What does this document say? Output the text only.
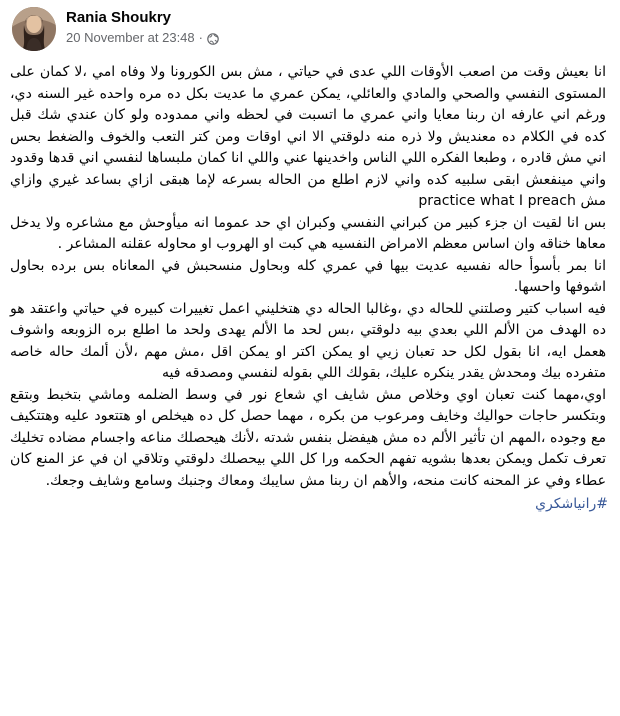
Rania Shoukry
20 November at 23:48 ·

انا بعيش وقت من اصعب الأوقات اللي عدى في حياتي ، مش بس الكورونا ولا وفاه امي ،لا كمان على المستوى النفسي والصحي والمادي والعائلي، يمكن عمري ما عديت بكل ده مره واحده غير السنه دي، ورغم اني عارفه ان ربنا معايا واني عمري ما اتسبت في لحظه واني ممدوده ولو كان عندي شك قبل كده في الكلام ده معنديش ولا ذره منه دلوقتي الا اني اوقات ومن كتر التعب والخوف والضغط بحس اني مش قادره ، وطبعا الفكره اللي الناس واخدينها عني واللي انا كمان ملبساها لنفسي اني قدها وقدود واني مينفعش ابقى سلبيه كده واني لازم اطلع من الحاله بسرعه لإما هبقى ازاي بساعد غيري وازاي مش practice what I preach

بس انا لقيت ان جزء كبير من كبراني النفسي وكبران اي حد عموما انه ميأوحش مع مشاعره ولا يدخل معاها خناقه وان اساس معظم الامراض النفسيه هي كبت او الهروب او محاوله عقلنه المشاعر .

انا بمر بأسوأ حاله نفسيه عديت بيها في عمري كله وبحاول منسحبش في المعاناه بس برده بحاول اشوفها واحسها.

فيه اسباب كتير وصلتني للحاله دي ،وغالبا الحاله دي هتخليني اعمل تغييرات كبيره في حياتي واعتقد هو ده الهدف من الألم اللي بعدي بيه دلوقتي ،بس لحد ما الألم يهدى ولحد ما اطلع بره الزوبعه واشوف هعمل ايه، انا بقول لكل حد تعبان زيي او يمكن اكتر او يمكن اقل ،مش مهم ،لأن ألمك حاله خاصه متفرده بيك ومحدش يقدر ينكره عليك، بقولك اللي بقوله لنفسي ومصدقه فيه

اوي،مهما كنت تعبان اوي وخلاص مش شايف اي شعاع نور في وسط الضلمه وماشي بتخبط وبتقع وبتكسر حاجات حواليك وخايف ومرعوب من بكره ، مهما حصل كل ده هيخلص او هتتعود عليه وهتتكيف مع وجوده ،المهم ان تأثير الألم ده مش هيفضل بنفس شدته ،لأنك هيحصلك مناعه واجسام مضاده تخليك تعرف تكمل ويمكن بعدها بشويه تفهم الحكمه ورا كل اللي بيحصلك دلوقتي وتلاقي ان في عز المنع كان عطاء وفي عز المحنه كانت منحه، والأهم ان ربنا مش سايبك ومعاك وجنبك وسامع وشايف وجعك.

#رانياشكري
